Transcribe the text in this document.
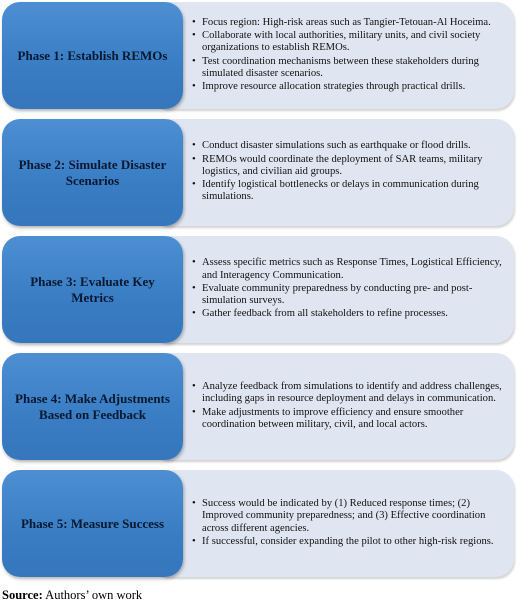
• Focus region: High-risk areas such as Tangier-Tetouan-Al Hoceima.
• Collaborate with local authorities, military units, and civil society organizations to establish REMOs.
• Test coordination mechanisms between these stakeholders during simulated disaster scenarios.
• Improve resource allocation strategies through practical drills.
Phase 1: Establish REMOs
• Conduct disaster simulations such as earthquake or flood drills.
• REMOs would coordinate the deployment of SAR teams, military logistics, and civilian aid groups.
• Identify logistical bottlenecks or delays in communication during simulations.
Phase 2: Simulate Disaster Scenarios
• Assess specific metrics such as Response Times, Logistical Efficiency, and Interagency Communication.
• Evaluate community preparedness by conducting pre- and post-simulation surveys.
• Gather feedback from all stakeholders to refine processes.
Phase 3: Evaluate Key Metrics
• Analyze feedback from simulations to identify and address challenges, including gaps in resource deployment and delays in communication.
• Make adjustments to improve efficiency and ensure smoother coordination between military, civil, and local actors.
Phase 4: Make Adjustments Based on Feedback
• Success would be indicated by (1) Reduced response times; (2) Improved community preparedness; and (3) Effective coordination across different agencies.
• If successful, consider expanding the pilot to other high-risk regions.
Phase 5: Measure Success
Source: Authors’ own work
